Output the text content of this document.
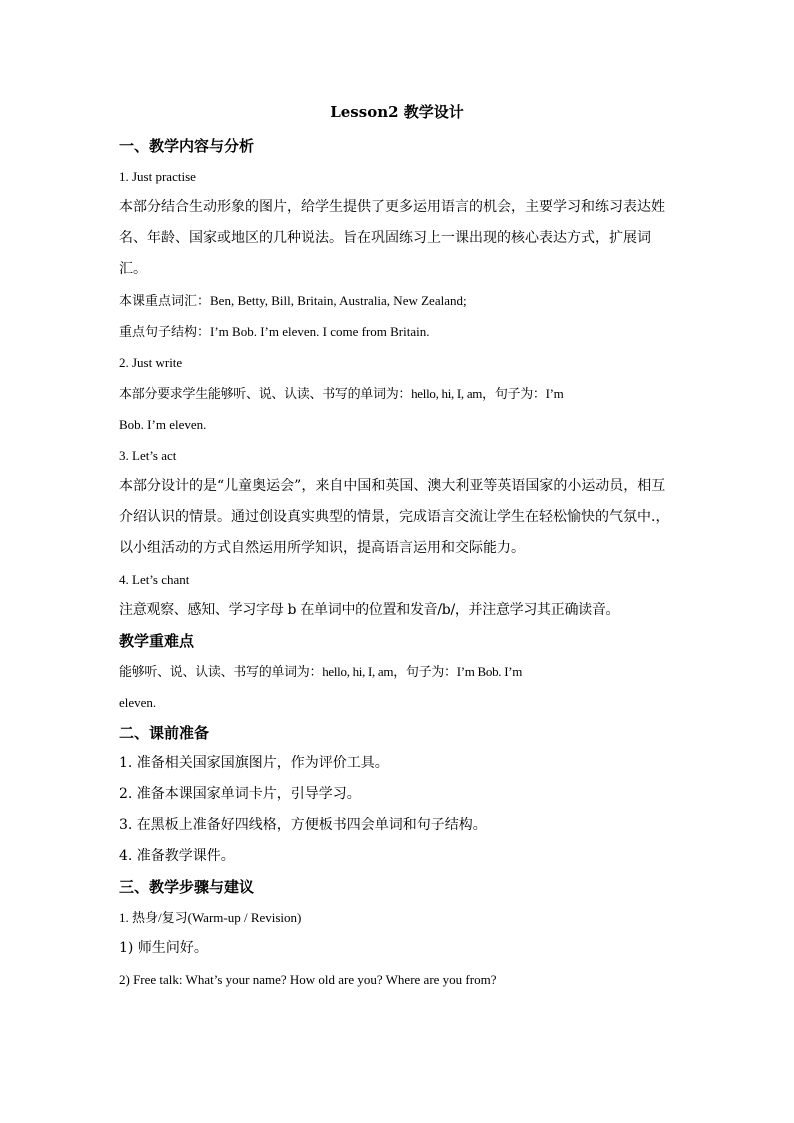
Lesson2 教学设计
一、教学内容与分析
1. Just practise
本部分结合生动形象的图片，给学生提供了更多运用语言的机会，主要学习和练习表达姓名、年龄、国家或地区的几种说法。旨在巩固练习上一课出现的核心表达方式，扩展词汇。
本课重点词汇：Ben, Betty, Bill, Britain, Australia, New Zealand;
重点句子结构：I’m Bob. I’m eleven. I come from Britain.
2. Just write
本部分要求学生能够听、说、认读、书写的单词为：hello, hi, I, am，句子为：I’m
Bob. I’m eleven.
3. Let’s act
本部分设计的是“儿童奥运会”，来自中国和英国、澳大利亚等英语国家的小运动员，相互介绍认识的情景。通过创设真实典型的情景，完成语言交流让学生在轻松愉快的气氛中.，以小组活动的方式自然运用所学知识，提高语言运用和交际能力。
4. Let’s chant
注意观察、感知、学习字母 b 在单词中的位置和发音/b/，并注意学习其正确读音。
教学重难点
能够听、说、认读、书写的单词为：hello, hi, I, am，句子为：I’m Bob. I’m
eleven.
二、课前准备
1. 准备相关国家国旗图片，作为评价工具。
2. 准备本课国家单词卡片，引导学习。
3. 在黑板上准备好四线格，方便板书四会单词和句子结构。
4. 准备教学课件。
三、教学步骤与建议
1. 热身/复习(Warm-up / Revision)
1) 师生问好。
2) Free talk: What’s your name? How old are you? Where are you from?
